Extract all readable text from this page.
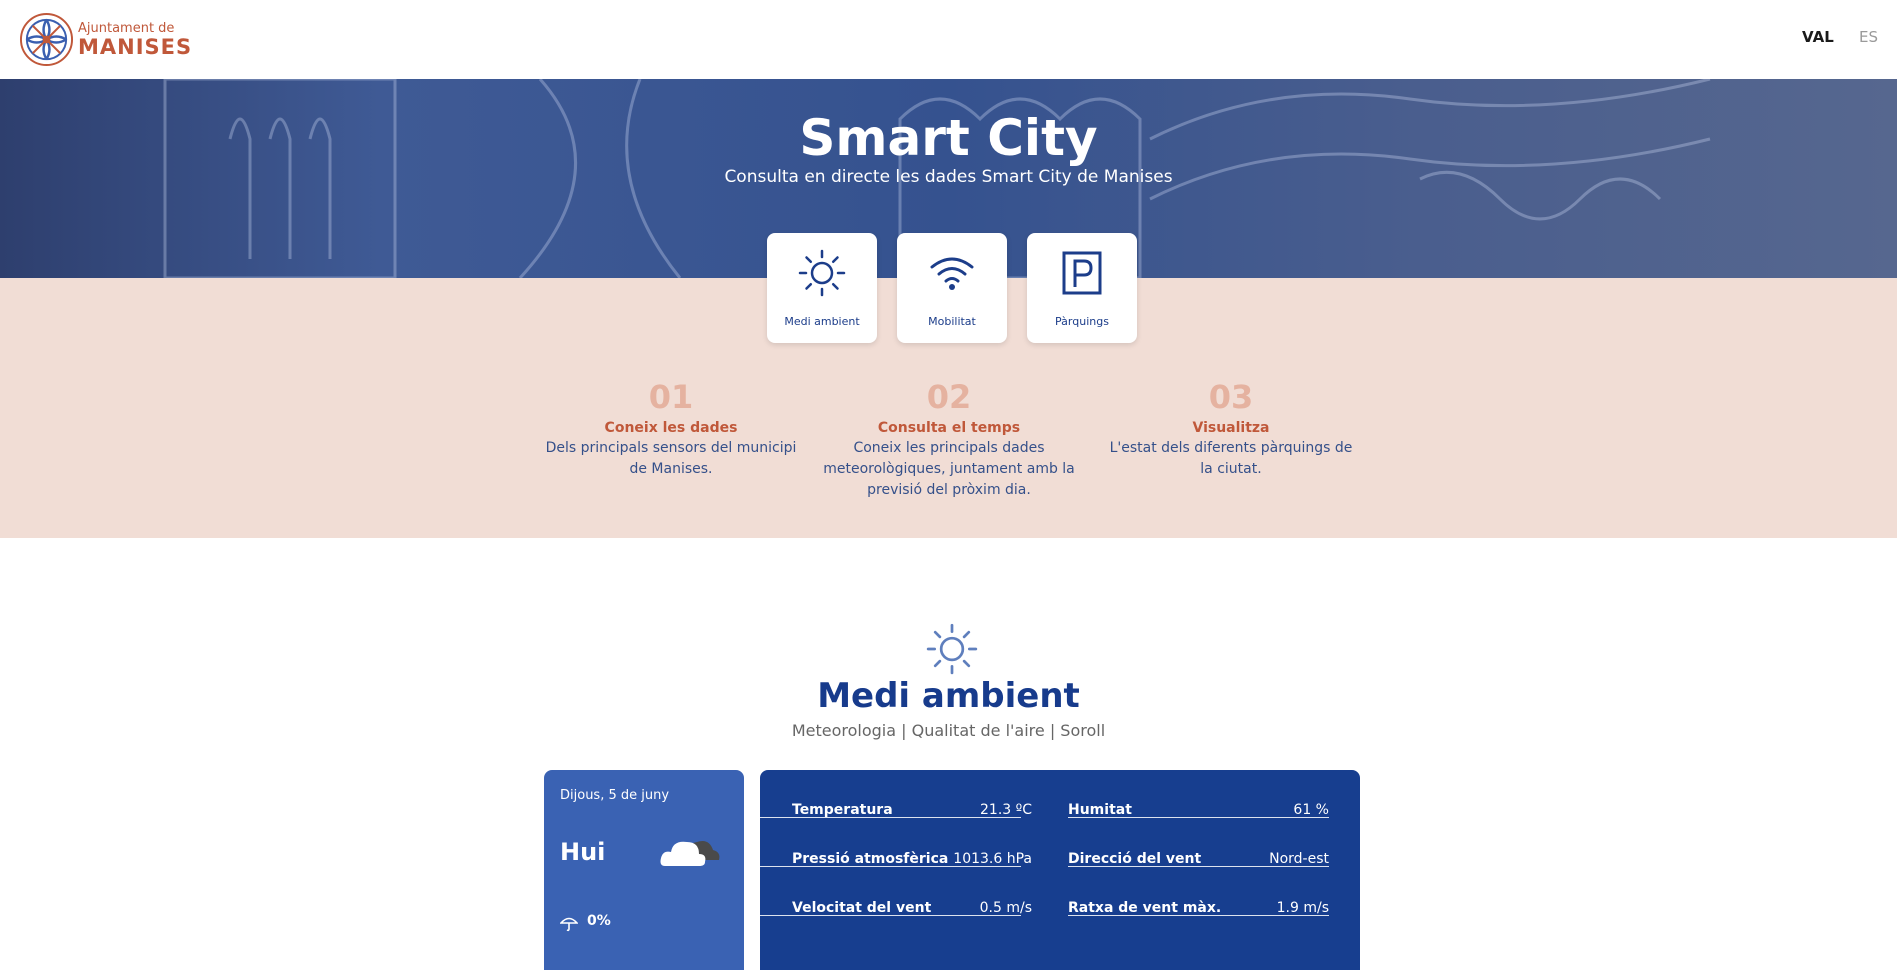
Ajuntament de
MANISES	VAL ES
Smart City
Consulta en directe les dades Smart City de Manises
Medi ambient	Mobilitat	Pàrquings
01
Coneix les dades
Dels principals sensors del municipi de Manises.
02
Consulta el temps
Coneix les principals dades meteorològiques, juntament amb la previsió del pròxim dia.
03
Visualitza
L'estat dels diferents pàrquings de la ciutat.
Medi ambient
Meteorologia | Qualitat de l'aire | Soroll
Dijous, 5 de juny
Hui
0%
Temperatura	21.3 ºC	Humitat	61 %
Pressió atmosfèrica 1013.6 hPa	Direcció del vent	Nord-est
Velocitat del vent	0.5 m/s	Ratxa de vent màx.	1.9 m/s
